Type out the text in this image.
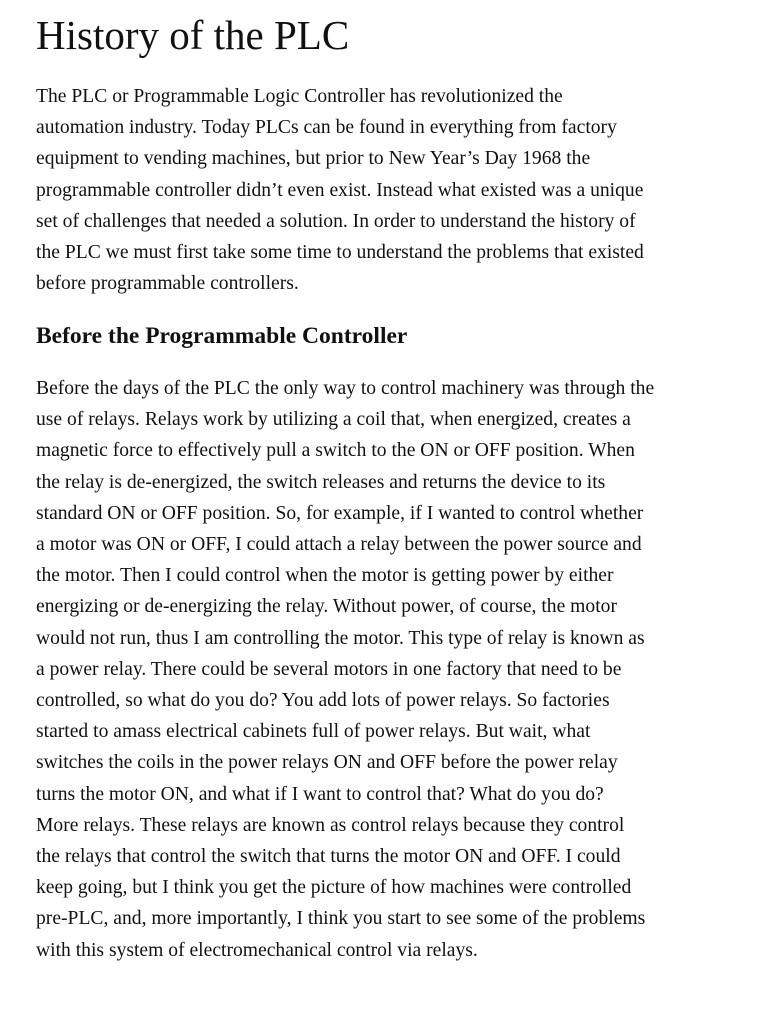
History of the PLC

The PLC or Programmable Logic Controller has revolutionized the
automation industry. Today PLCs can be found in everything from factory
equipment to vending machines, but prior to New Year’s Day 1968 the
programmable controller didn’t even exist. Instead what existed was a unique
set of challenges that needed a solution. In order to understand the history of
the PLC we must first take some time to understand the problems that existed
before programmable controllers.

Before the Programmable Controller

Before the days of the PLC the only way to control machinery was through the
use of relays. Relays work by utilizing a coil that, when energized, creates a
magnetic force to effectively pull a switch to the ON or OFF position. When
the relay is de-energized, the switch releases and returns the device to its
standard ON or OFF position. So, for example, if I wanted to control whether
a motor was ON or OFF, I could attach a relay between the power source and
the motor. Then I could control when the motor is getting power by either
energizing or de-energizing the relay. Without power, of course, the motor
would not run, thus I am controlling the motor. This type of relay is known as
a power relay. There could be several motors in one factory that need to be
controlled, so what do you do? You add lots of power relays. So factories
started to amass electrical cabinets full of power relays. But wait, what
switches the coils in the power relays ON and OFF before the power relay
turns the motor ON, and what if I want to control that? What do you do?
More relays. These relays are known as control relays because they control
the relays that control the switch that turns the motor ON and OFF. I could
keep going, but I think you get the picture of how machines were controlled
pre-PLC, and, more importantly, I think you start to see some of the problems
with this system of electromechanical control via relays.
